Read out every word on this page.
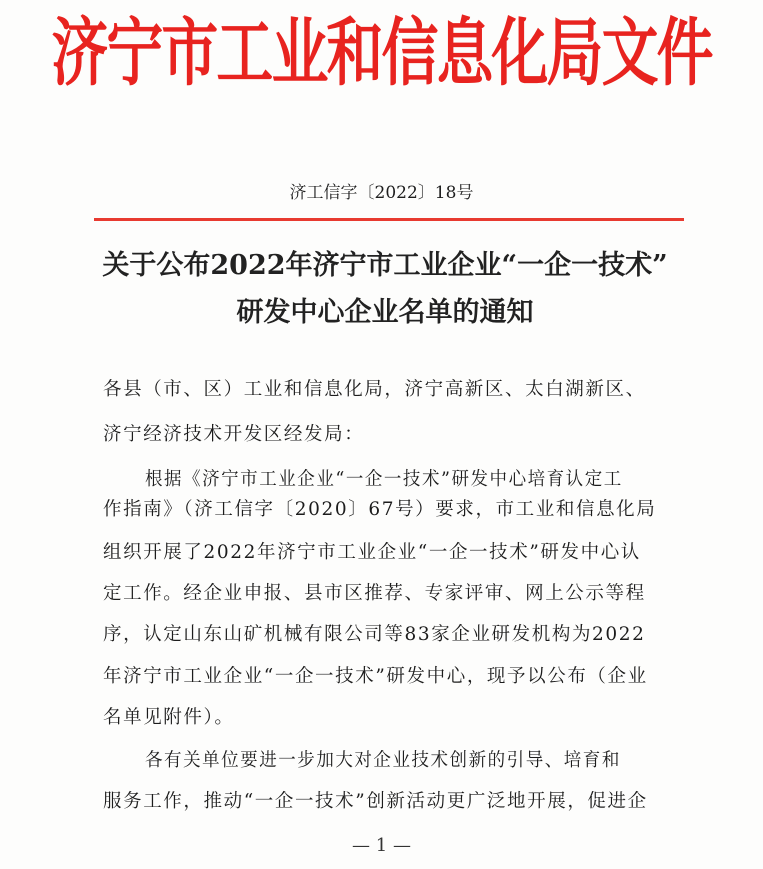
济宁市工业和信息化局文件
济工信字〔2022〕18号
关于公布2022年济宁市工业企业“一企一技术”
研发中心企业名单的通知
各县（市、区）工业和信息化局，济宁高新区、太白湖新区、
济宁经济技术开发区经发局：
根据《济宁市工业企业“一企一技术”研发中心培育认定工
作指南》（济工信字〔2020〕67号）要求，市工业和信息化局
组织开展了2022年济宁市工业企业“一企一技术”研发中心认
定工作。经企业申报、县市区推荐、专家评审、网上公示等程
序，认定山东山矿机械有限公司等83家企业研发机构为2022
年济宁市工业企业“一企一技术”研发中心，现予以公布（企业
名单见附件）。
各有关单位要进一步加大对企业技术创新的引导、培育和
服务工作，推动“一企一技术”创新活动更广泛地开展，促进企
— 1 —
